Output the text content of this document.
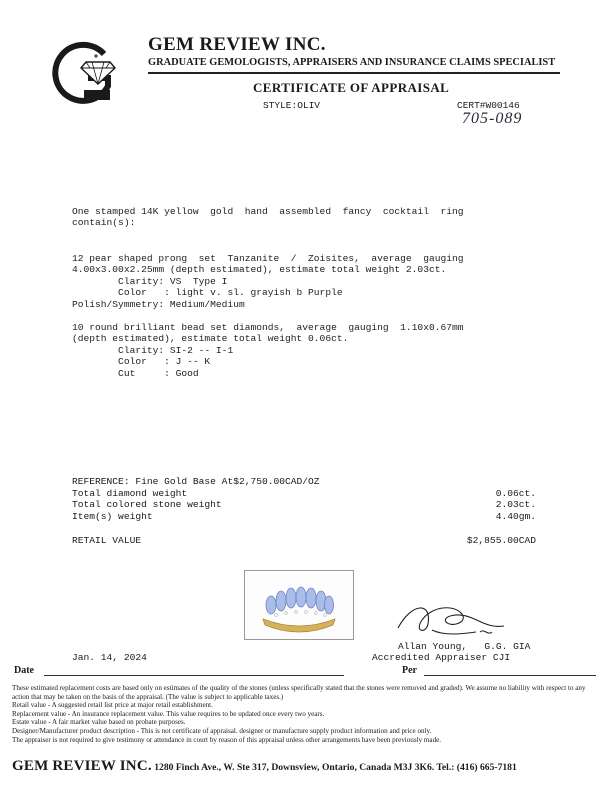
GEM REVIEW INC.
GRADUATE GEMOLOGISTS, APPRAISERS AND INSURANCE CLAIMS SPECIALIST
CERTIFICATE OF APPRAISAL
STYLE:OLIV	CERT#W00146
705-089
One stamped 14K yellow  gold  hand  assembled  fancy  cocktail  ring
contain(s):
12 pear shaped prong  set  Tanzanite  /  Zoisites,  average  gauging
4.00x3.00x2.25mm (depth estimated), estimate total weight 2.03ct.
Clarity: VS  Type I
Color   : light v. sl. grayish b Purple
Polish/Symmetry: Medium/Medium
10 round brilliant bead set diamonds,  average  gauging  1.10x0.67mm
(depth estimated), estimate total weight 0.06ct.
Clarity: SI-2 -- I-1
Color   : J -- K
Cut     : Good
REFERENCE: Fine Gold Base At$2,750.00CAD/OZ
Total diamond weight	0.06ct.
Total colored stone weight	2.03ct.
Item(s) weight	4.40gm.
RETAIL VALUE	$2,855.00CAD
Allan Young,   G.G. GIA
Accredited Appraiser CJI
Jan. 14, 2024
Date	Per
These estimated replacement costs are based only on estimates of the quality of the stones (unless specifically stated that the stones were removed and graded). We assume no liability with respect to any action that may be taken on the basis of the appraisal. (The value is subject to applicable taxes.)
Retail value - A suggested retail list price at major retail establishment.
Replacement value - An insurance replacement value. This value requires to be updated once every two years.
Estate value - A fair market value based on probate purposes.
Designer/Manufacturer product description - This is not certificate of appraisal. designer or manufacture supply product information and price only.
The appraiser is not required to give testimony or attendance in court by reason of this appraisal unless other arrangements have been previously made.
GEM REVIEW INC. 1280 Finch Ave., W. Ste 317, Downsview, Ontario, Canada M3J 3K6. Tel.: (416) 665-7181
